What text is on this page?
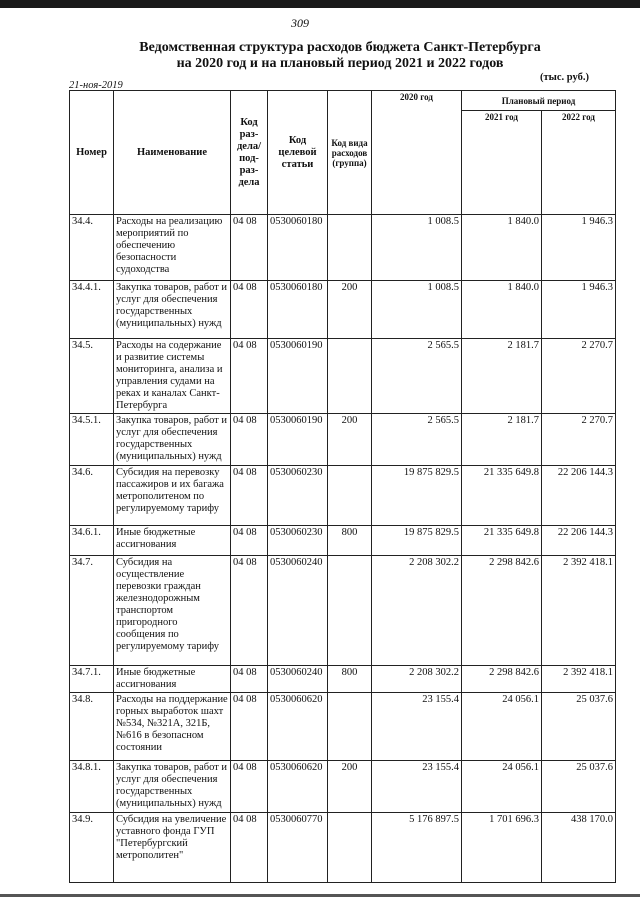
309
Ведомственная структура расходов бюджета Санкт-Петербурга
на 2020 год и на плановый период 2021 и 2022 годов
21-ноя-2019
(тыс. руб.)
Номер	Наименование	Код раз- дела/ под- раз- дела	Код целевой статьи	Код вида расходов (группа)	2020 год	Плановый период	
						2021 год	2022 год
34.4.	Расходы на реализацию мероприятий по обеспечению безопасности судоходства	04 08	0530060180		1 008.5	1 840.0	1 946.3
34.4.1.	Закупка товаров, работ и услуг для обеспечения государственных (муниципальных) нужд	04 08	0530060180	200	1 008.5	1 840.0	1 946.3
34.5.	Расходы на содержание и развитие системы мониторинга, анализа и управления судами на реках и каналах Санкт-Петербурга	04 08	0530060190		2 565.5	2 181.7	2 270.7
34.5.1.	Закупка товаров, работ и услуг для обеспечения государственных (муниципальных) нужд	04 08	0530060190	200	2 565.5	2 181.7	2 270.7
34.6.	Субсидия на перевозку пассажиров и их багажа метрополитеном по регулируемому тарифу	04 08	0530060230		19 875 829.5	21 335 649.8	22 206 144.3
34.6.1.	Иные бюджетные ассигнования	04 08	0530060230	800	19 875 829.5	21 335 649.8	22 206 144.3
34.7.	Субсидия на осуществление перевозки граждан железнодорожным транспортом пригородного сообщения по регулируемому тарифу	04 08	0530060240		2 208 302.2	2 298 842.6	2 392 418.1
34.7.1.	Иные бюджетные ассигнования	04 08	0530060240	800	2 208 302.2	2 298 842.6	2 392 418.1
34.8.	Расходы на поддержание горных выработок шахт №534, №321А, 321Б, №616 в безопасном состоянии	04 08	0530060620		23 155.4	24 056.1	25 037.6
34.8.1.	Закупка товаров, работ и услуг для обеспечения государственных (муниципальных) нужд	04 08	0530060620	200	23 155.4	24 056.1	25 037.6
34.9.	Субсидия на увеличение уставного фонда ГУП "Петербургский метрополитен"	04 08	0530060770		5 176 897.5	1 701 696.3	438 170.0
